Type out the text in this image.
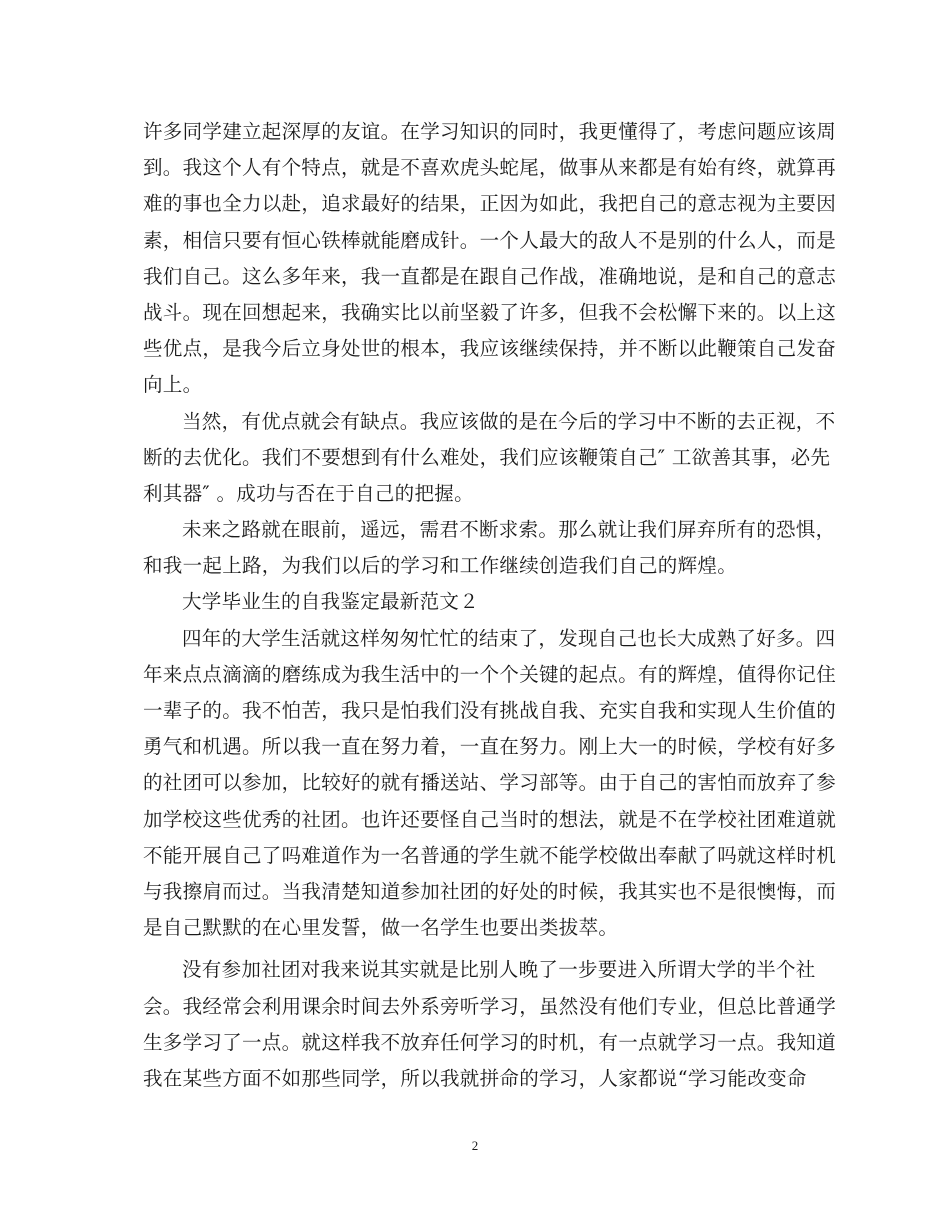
许多同学建立起深厚的友谊。在学习知识的同时，我更懂得了，考虑问题应该周
到。我这个人有个特点，就是不喜欢虎头蛇尾，做事从来都是有始有终，就算再
难的事也全力以赴，追求最好的结果，正因为如此，我把自己的意志视为主要因
素，相信只要有恒心铁棒就能磨成针。一个人最大的敌人不是别的什么人，而是
我们自己。这么多年来，我一直都是在跟自己作战，准确地说，是和自己的意志
战斗。现在回想起来，我确实比以前坚毅了许多，但我不会松懈下来的。以上这
些优点，是我今后立身处世的根本，我应该继续保持，并不断以此鞭策自己发奋
向上。
当然，有优点就会有缺点。我应该做的是在今后的学习中不断的去正视，不
断的去优化。我们不要想到有什么难处，我们应该鞭策自己″ 工欲善其事，必先
利其器″ 。成功与否在于自己的把握。
未来之路就在眼前，遥远，需君不断求索。那么就让我们屏弃所有的恐惧，
和我一起上路，为我们以后的学习和工作继续创造我们自己的辉煌。
大学毕业生的自我鉴定最新范文２
四年的大学生活就这样匆匆忙忙的结束了，发现自己也长大成熟了好多。四
年来点点滴滴的磨练成为我生活中的一个个关键的起点。有的辉煌，值得你记住
一辈子的。我不怕苦，我只是怕我们没有挑战自我、充实自我和实现人生价值的
勇气和机遇。所以我一直在努力着，一直在努力。刚上大一的时候，学校有好多
的社团可以参加，比较好的就有播送站、学习部等。由于自己的害怕而放弃了参
加学校这些优秀的社团。也许还要怪自己当时的想法，就是不在学校社团难道就
不能开展自己了吗难道作为一名普通的学生就不能学校做出奉献了吗就这样时机
与我擦肩而过。当我清楚知道参加社团的好处的时候，我其实也不是很懊悔，而
是自己默默的在心里发誓，做一名学生也要出类拔萃。
没有参加社团对我来说其实就是比别人晚了一步要进入所谓大学的半个社
会。我经常会利用课余时间去外系旁听学习，虽然没有他们专业，但总比普通学
生多学习了一点。就这样我不放弃任何学习的时机，有一点就学习一点。我知道
我在某些方面不如那些同学，所以我就拼命的学习，人家都说“学习能改变命
2
